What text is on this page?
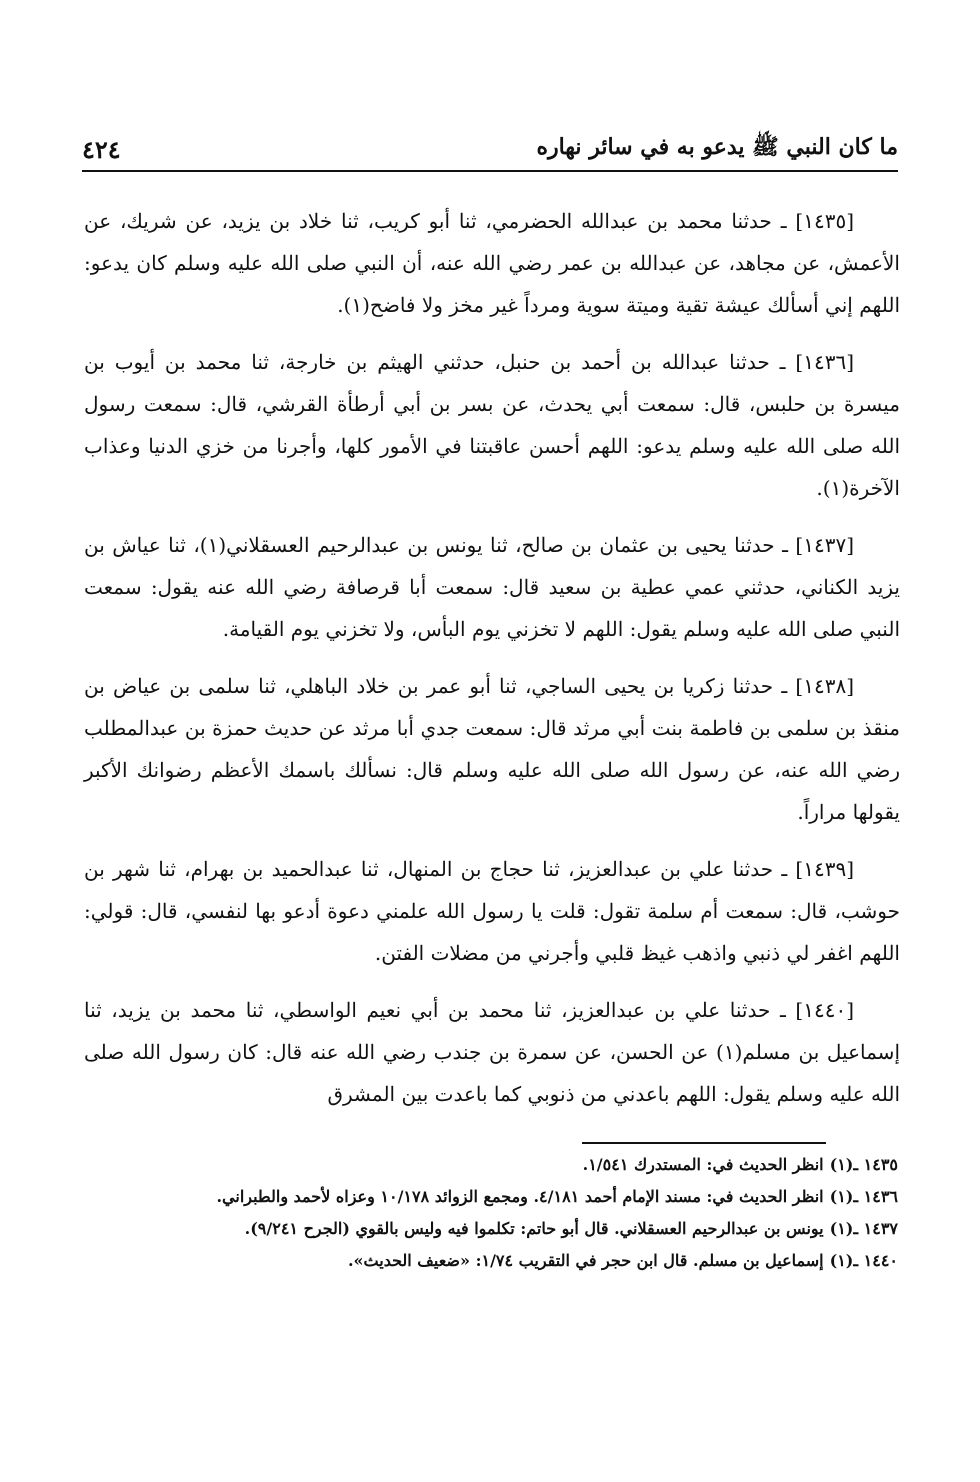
ما كان النبي ﷺ يدعو به في سائر نهاره
٤٢٤

[١٤٣٥] ـ حدثنا محمد بن عبدالله الحضرمي، ثنا أبو كريب، ثنا خلاد بن يزيد، عن شريك، عن الأعمش، عن مجاهد، عن عبدالله بن عمر رضي الله عنه، أن النبي صلى الله عليه وسلم كان يدعو: اللهم إني أسألك عيشة تقية وميتة سوية ومرداً غير مخز ولا فاضح(١).

[١٤٣٦] ـ حدثنا عبدالله بن أحمد بن حنبل، حدثني الهيثم بن خارجة، ثنا محمد بن أيوب بن ميسرة بن حلبس، قال: سمعت أبي يحدث، عن بسر بن أبي أرطأة القرشي، قال: سمعت رسول الله صلى الله عليه وسلم يدعو: اللهم أحسن عاقبتنا في الأمور كلها، وأجرنا من خزي الدنيا وعذاب الآخرة(١).

[١٤٣٧] ـ حدثنا يحيى بن عثمان بن صالح، ثنا يونس بن عبدالرحيم العسقلاني(١)، ثنا عياش بن يزيد الكناني، حدثني عمي عطية بن سعيد قال: سمعت أبا قرصافة رضي الله عنه يقول: سمعت النبي صلى الله عليه وسلم يقول: اللهم لا تخزني يوم البأس، ولا تخزني يوم القيامة.

[١٤٣٨] ـ حدثنا زكريا بن يحيى الساجي، ثنا أبو عمر بن خلاد الباهلي، ثنا سلمى بن عياض بن منقذ بن سلمى بن فاطمة بنت أبي مرثد قال: سمعت جدي أبا مرثد عن حديث حمزة بن عبدالمطلب رضي الله عنه، عن رسول الله صلى الله عليه وسلم قال: نسألك باسمك الأعظم رضوانك الأكبر يقولها مراراً.

[١٤٣٩] ـ حدثنا علي بن عبدالعزيز، ثنا حجاج بن المنهال، ثنا عبدالحميد بن بهرام، ثنا شهر بن حوشب، قال: سمعت أم سلمة تقول: قلت يا رسول الله علمني دعوة أدعو بها لنفسي، قال: قولي: اللهم اغفر لي ذنبي واذهب غيظ قلبي وأجرني من مضلات الفتن.

[١٤٤٠] ـ حدثنا علي بن عبدالعزيز، ثنا محمد بن أبي نعيم الواسطي، ثنا محمد بن يزيد، ثنا إسماعيل بن مسلم(١) عن الحسن، عن سمرة بن جندب رضي الله عنه قال: كان رسول الله صلى الله عليه وسلم يقول: اللهم باعدني من ذنوبي كما باعدت بين المشرق

١٤٣٥ ـ(١)انظر الحديث في: المستدرك ١/٥٤١.

١٤٣٦ ـ(١)انظر الحديث في: مسند الإمام أحمد ٤/١٨١. ومجمع الزوائد ١٠/١٧٨ وعزاه لأحمد والطبراني.

١٤٣٧ ـ(١)يونس بن عبدالرحيم العسقلاني. قال أبو حاتم: تكلموا فيه وليس بالقوي (الجرح ٩/٢٤١).

١٤٤٠ ـ(١)إسماعيل بن مسلم. قال ابن حجر في التقريب ١/٧٤: «ضعيف الحديث».
